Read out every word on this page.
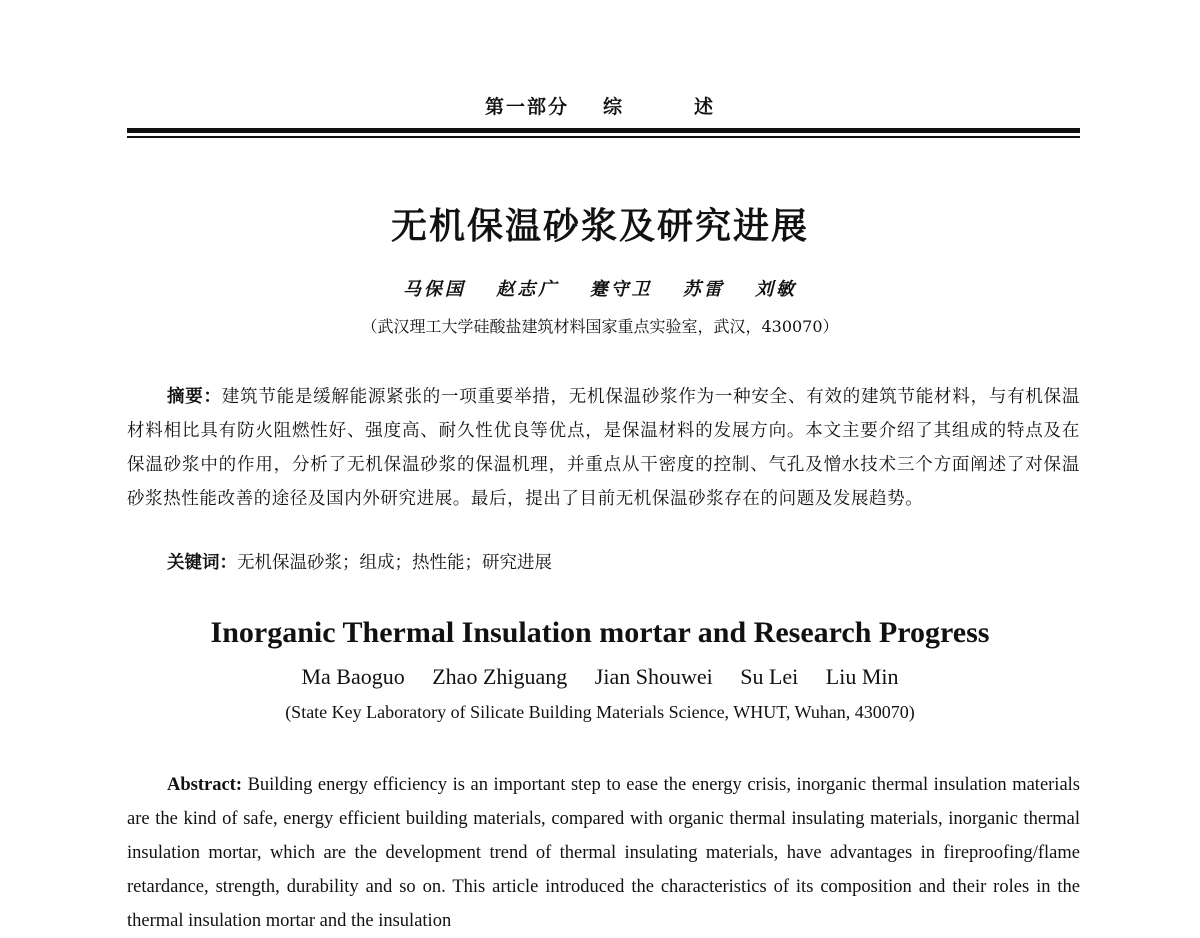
第一部分 综	述
无机保温砂浆及研究进展
马保国 赵志广 蹇守卫 苏雷 刘敏
（武汉理工大学硅酸盐建筑材料国家重点实验室，武汉，430070）
摘要：建筑节能是缓解能源紧张的一项重要举措，无机保温砂浆作为一种安全、有效的建筑节能材料，与有机保温材料相比具有防火阻燃性好、强度高、耐久性优良等优点，是保温材料的发展方向。本文主要介绍了其组成的特点及在保温砂浆中的作用，分析了无机保温砂浆的保温机理，并重点从干密度的控制、气孔及憎水技术三个方面阐述了对保温砂浆热性能改善的途径及国内外研究进展。最后，提出了目前无机保温砂浆存在的问题及发展趋势。
关键词：无机保温砂浆；组成；热性能；研究进展
Inorganic Thermal Insulation mortar and Research Progress
Ma Baoguo Zhao Zhiguang Jian Shouwei Su Lei Liu Min
(State Key Laboratory of Silicate Building Materials Science, WHUT, Wuhan, 430070)
Abstract: Building energy efficiency is an important step to ease the energy crisis, inorganic thermal insulation materials are the kind of safe, energy efficient building materials, compared with organic thermal insulating materials, inorganic thermal insulation mortar, which are the development trend of thermal insulating materials, have advantages in fireproofing/flame retardance, strength, durability and so on. This article introduced the characteristics of its composition and their roles in the thermal insulation mortar and the insulation
